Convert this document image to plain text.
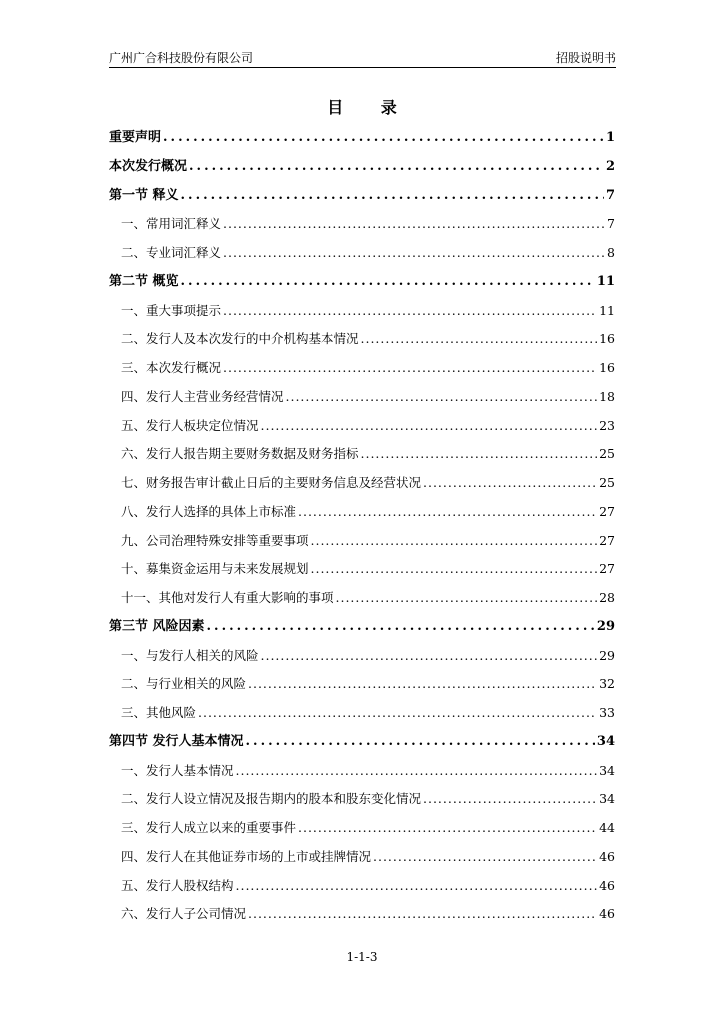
广州广合科技股份有限公司	招股说明书
目 录
重要声明 .....	1
本次发行概况 .....	2
第一节 释义 .....	7
一、常用词汇释义 .....	7
二、专业词汇释义 .....	8
第二节 概览 .....	11
一、重大事项提示 .....	11
二、发行人及本次发行的中介机构基本情况 .....	16
三、本次发行概况 .....	16
四、发行人主营业务经营情况 .....	18
五、发行人板块定位情况 .....	23
六、发行人报告期主要财务数据及财务指标 .....	25
七、财务报告审计截止日后的主要财务信息及经营状况 .....	25
八、发行人选择的具体上市标准 .....	27
九、公司治理特殊安排等重要事项 .....	27
十、募集资金运用与未来发展规划 .....	27
十一、其他对发行人有重大影响的事项 .....	28
第三节 风险因素 .....	29
一、与发行人相关的风险 .....	29
二、与行业相关的风险 .....	32
三、其他风险 .....	33
第四节 发行人基本情况 .....	34
一、发行人基本情况 .....	34
二、发行人设立情况及报告期内的股本和股东变化情况 .....	34
三、发行人成立以来的重要事件 .....	44
四、发行人在其他证券市场的上市或挂牌情况 .....	46
五、发行人股权结构 .....	46
六、发行人子公司情况 .....	46
1-1-3
